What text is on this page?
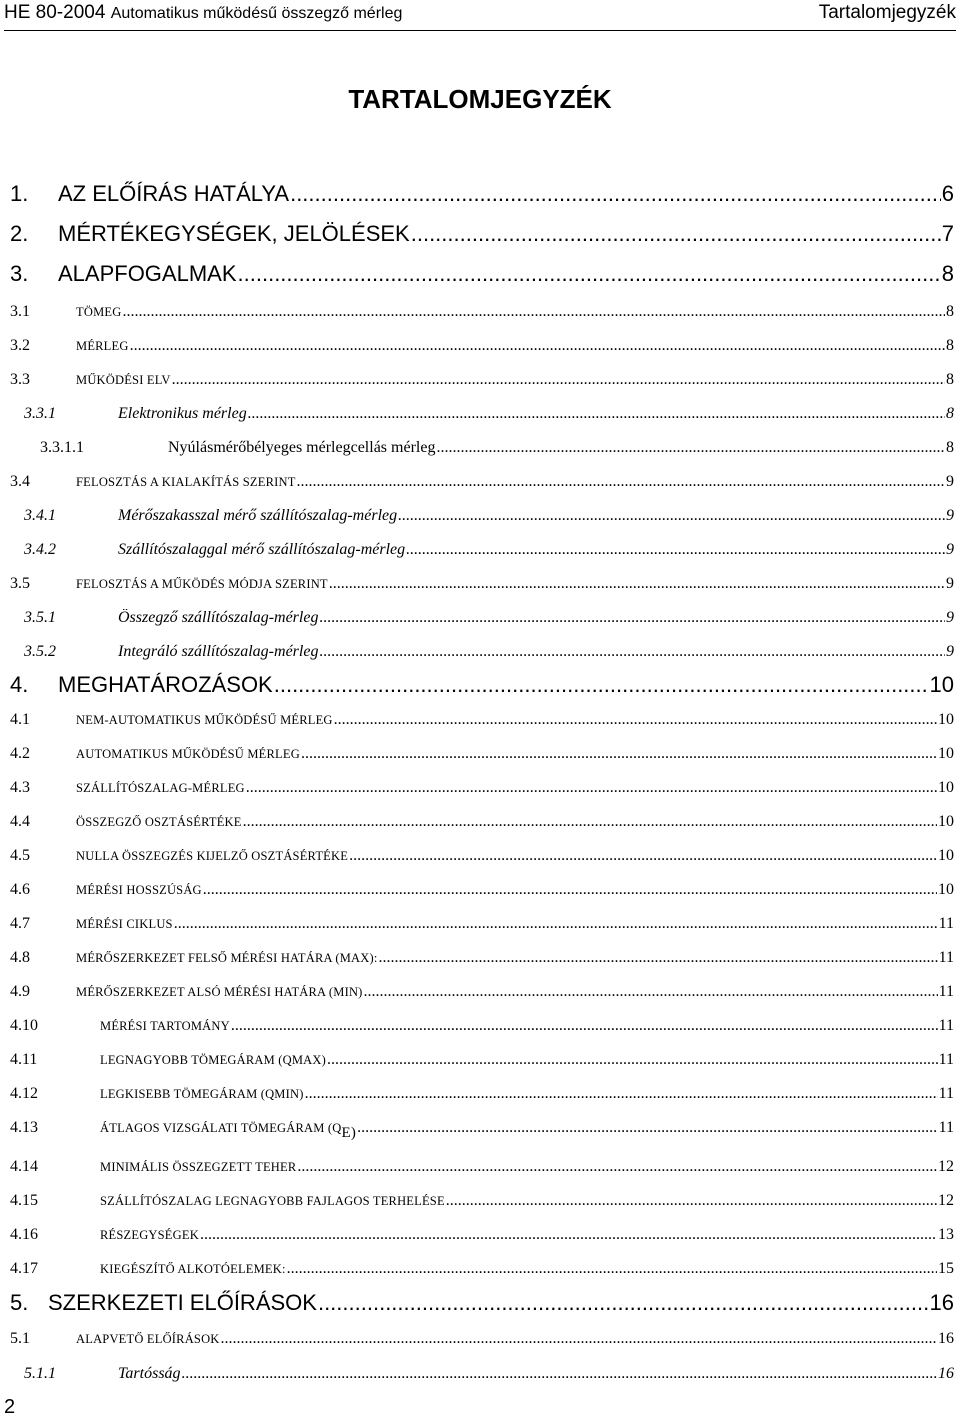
HE 80-2004 Automatikus működésű összegző mérleg	Tartalomjegyzék
TARTALOMJEGYZÉK
1.	AZ ELŐÍRÁS HATÁLYA .....	6
2.	MÉRTÉKEGYSÉGEK, JELÖLÉSEK .....	7
3.	ALAPFOGALMAK .....	8
3.1	TÖMEG .....	8
3.2	MÉRLEG .....	8
3.3	MŰKÖDÉSI ELV .....	8
3.3.1	Elektronikus mérleg .....	8
3.3.1.1	Nyúlásmérőbélyeges mérlegcellás mérleg .....	8
3.4	FELOSZTÁS A KIALAKÍTÁS SZERINT .....	9
3.4.1	Mérőszakasszal mérő szállítószalag-mérleg .....	9
3.4.2	Szállítószalaggal mérő szállítószalag-mérleg .....	9
3.5	FELOSZTÁS A MŰKÖDÉS MÓDJA SZERINT .....	9
3.5.1	Összegző szállítószalag-mérleg .....	9
3.5.2	Integráló szállítószalag-mérleg .....	9
4.	MEGHATÁROZÁSOK .....	10
4.1	NEM-AUTOMATIKUS MŰKÖDÉSŰ MÉRLEG .....	10
4.2	AUTOMATIKUS MŰKÖDÉSŰ MÉRLEG .....	10
4.3	SZÁLLÍTÓSZALAG-MÉRLEG .....	10
4.4	ÖSSZEGZŐ OSZTÁSÉRTÉKE .....	10
4.5	NULLA ÖSSZEGZÉS KIJELZŐ OSZTÁSÉRTÉKE .....	10
4.6	MÉRÉSI HOSSZÚSÁG .....	10
4.7	MÉRÉSI CIKLUS .....	11
4.8	MÉRŐSZERKEZET FELSŐ MÉRÉSI HATÁRA (MAX): .....	11
4.9	MÉRŐSZERKEZET ALSÓ MÉRÉSI HATÁRA (MIN) .....	11
4.10	MÉRÉSI TARTOMÁNY .....	11
4.11	LEGNAGYOBB TÖMEGÁRAM (QMAX) .....	11
4.12	LEGKISEBB TÖMEGÁRAM (QMIN) .....	11
4.13	ÁTLAGOS VIZSGÁLATI TÖMEGÁRAM (QE) .....	11
4.14	MINIMÁLIS ÖSSZEGZETT TEHER .....	12
4.15	SZÁLLÍTÓSZALAG LEGNAGYOBB FAJLAGOS TERHELÉSE .....	12
4.16	RÉSZEGYSÉGEK .....	13
4.17	KIEGÉSZÍTŐ ALKOTÓELEMEK: .....	15
5. SZERKEZETI ELŐÍRÁSOK .....	16
5.1	ALAPVETŐ ELŐÍRÁSOK .....	16
5.1.1	Tartósság .....	16
2
